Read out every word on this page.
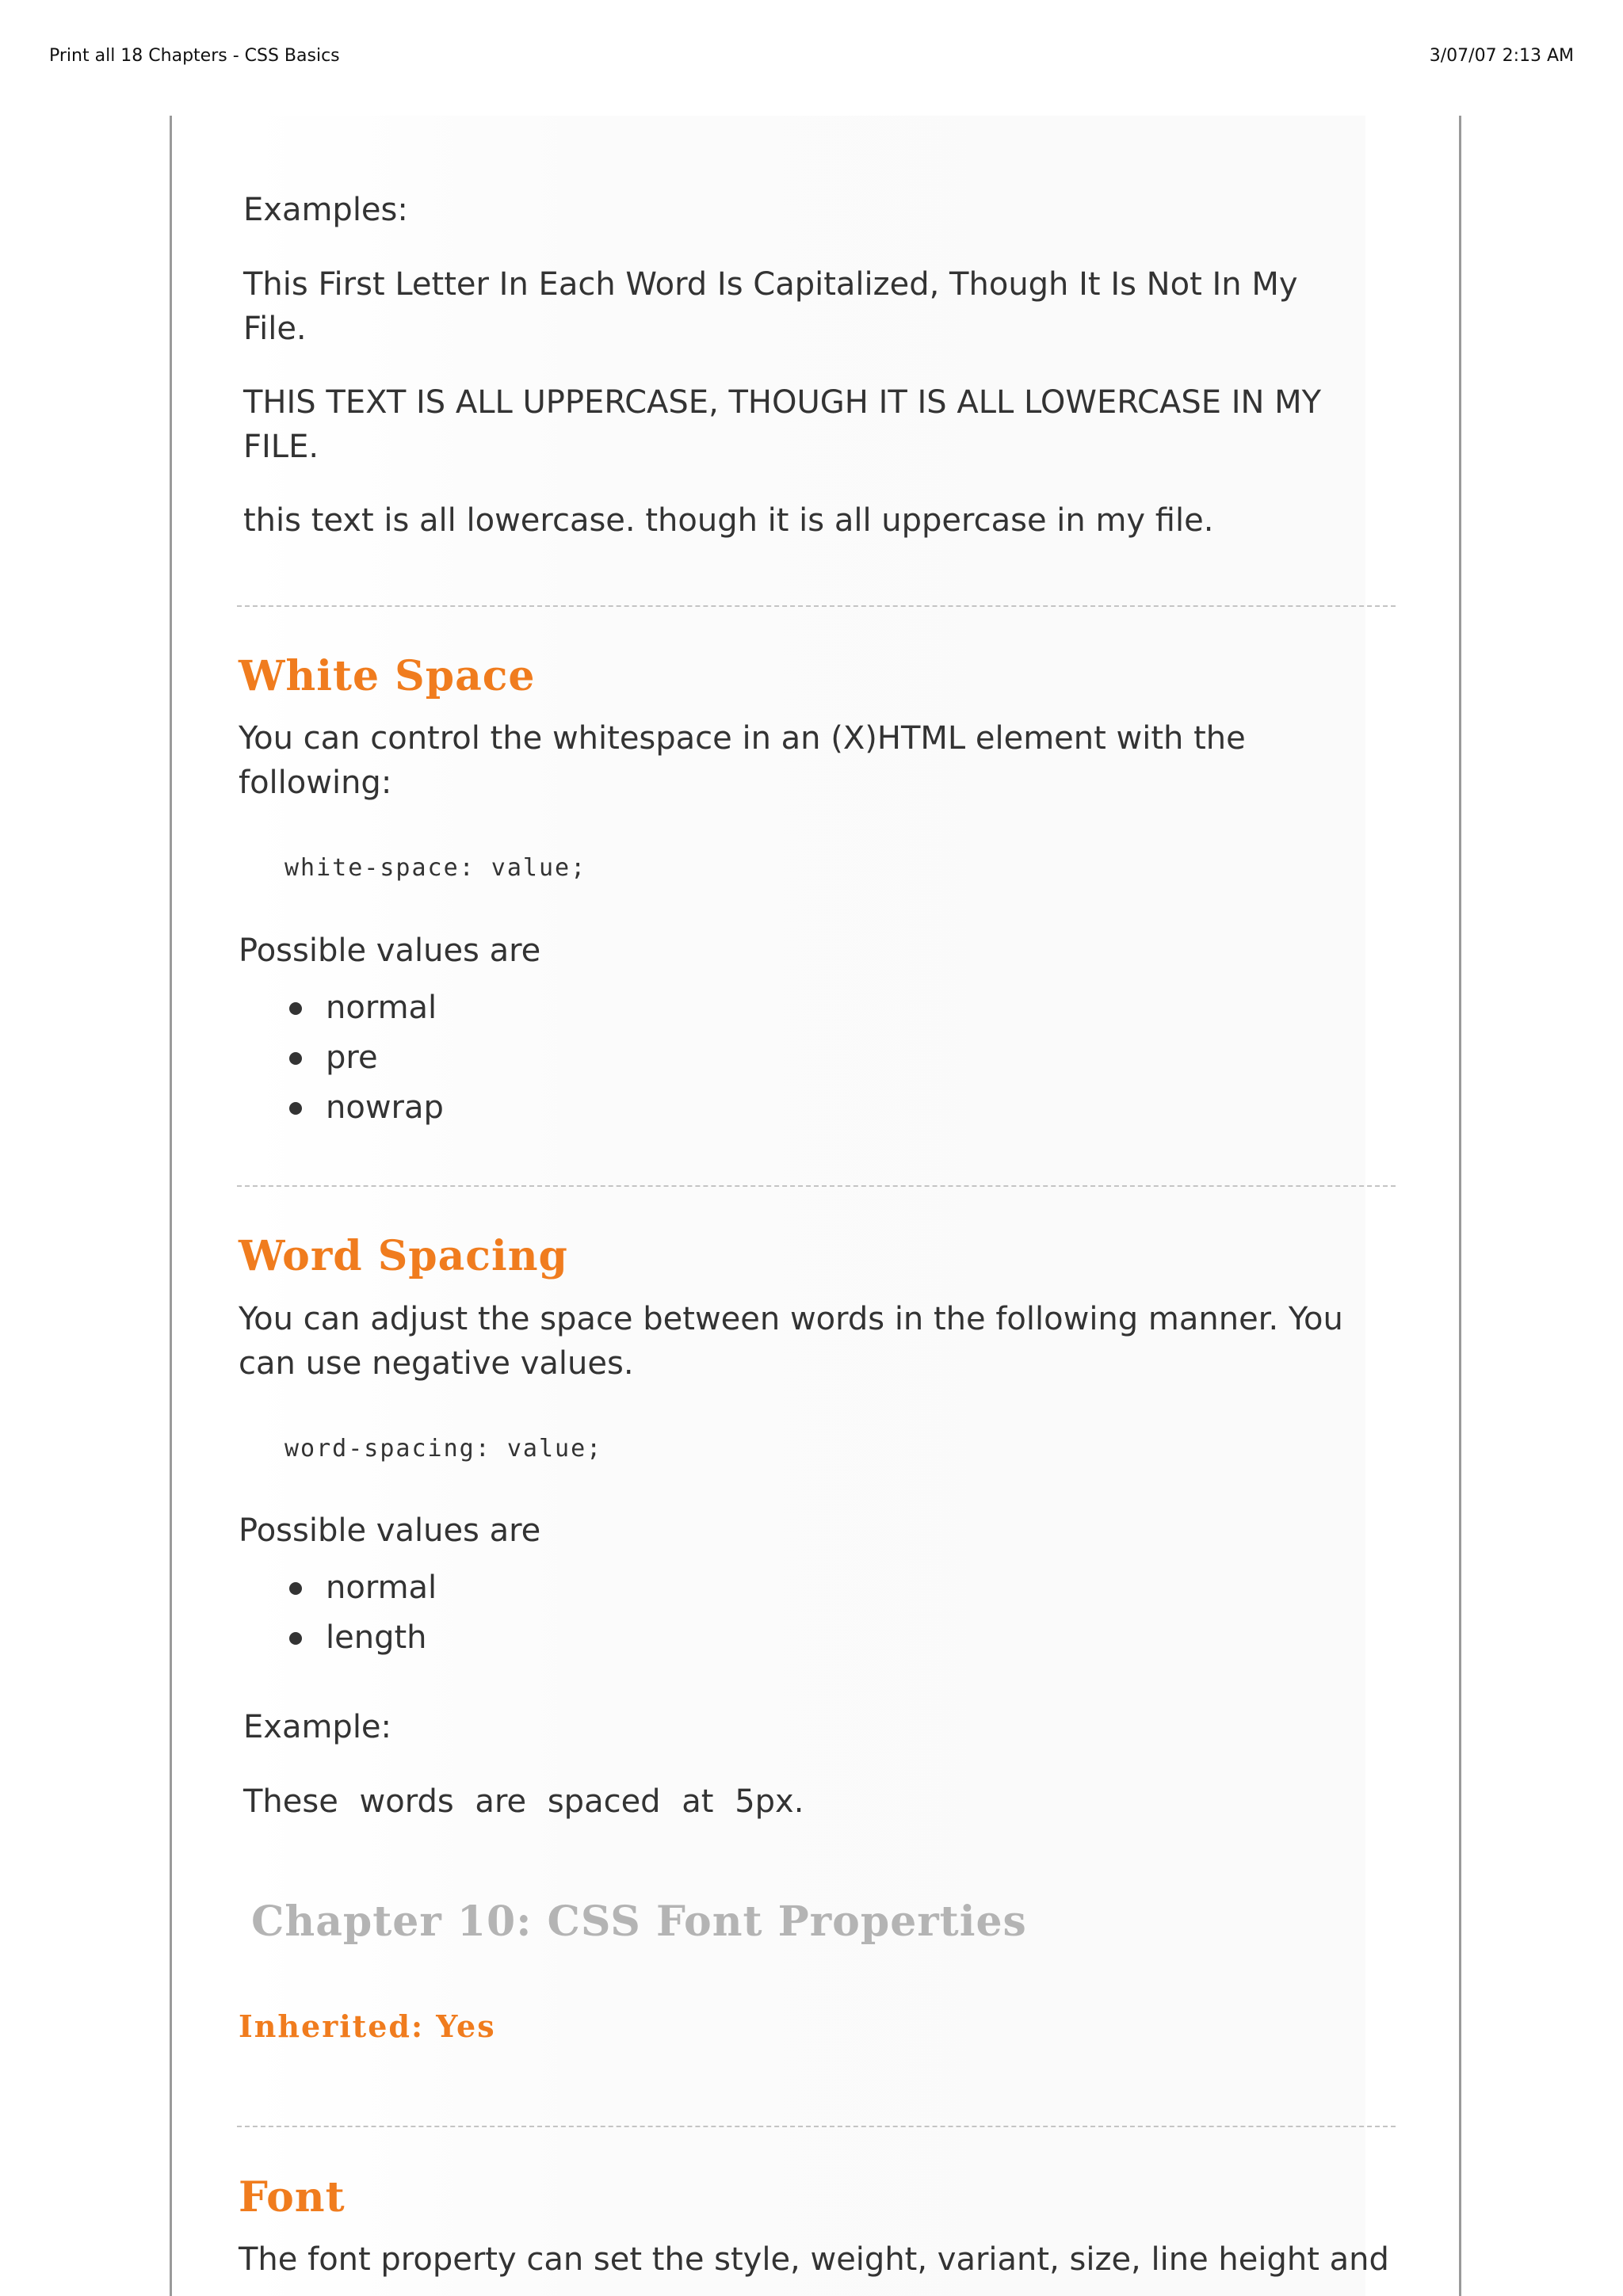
Print all 18 Chapters - CSS Basics	3/07/07 2:13 AM

Examples:

This First Letter In Each Word Is Capitalized, Though It Is Not In My File.

THIS TEXT IS ALL UPPERCASE, THOUGH IT IS ALL LOWERCASE IN MY FILE.

this text is all lowercase. though it is all uppercase in my file.

White Space

You can control the whitespace in an (X)HTML element with the following:

white-space: value;

Possible values are

normal
pre
nowrap
Word Spacing

You can adjust the space between words in the following manner. You can use negative values.

word-spacing: value;

Possible values are

normal
length

Example:

These words are spaced at 5px.

Chapter 10: CSS Font Properties
Inherited: Yes
Font

The font property can set the style, weight, variant, size, line height and
